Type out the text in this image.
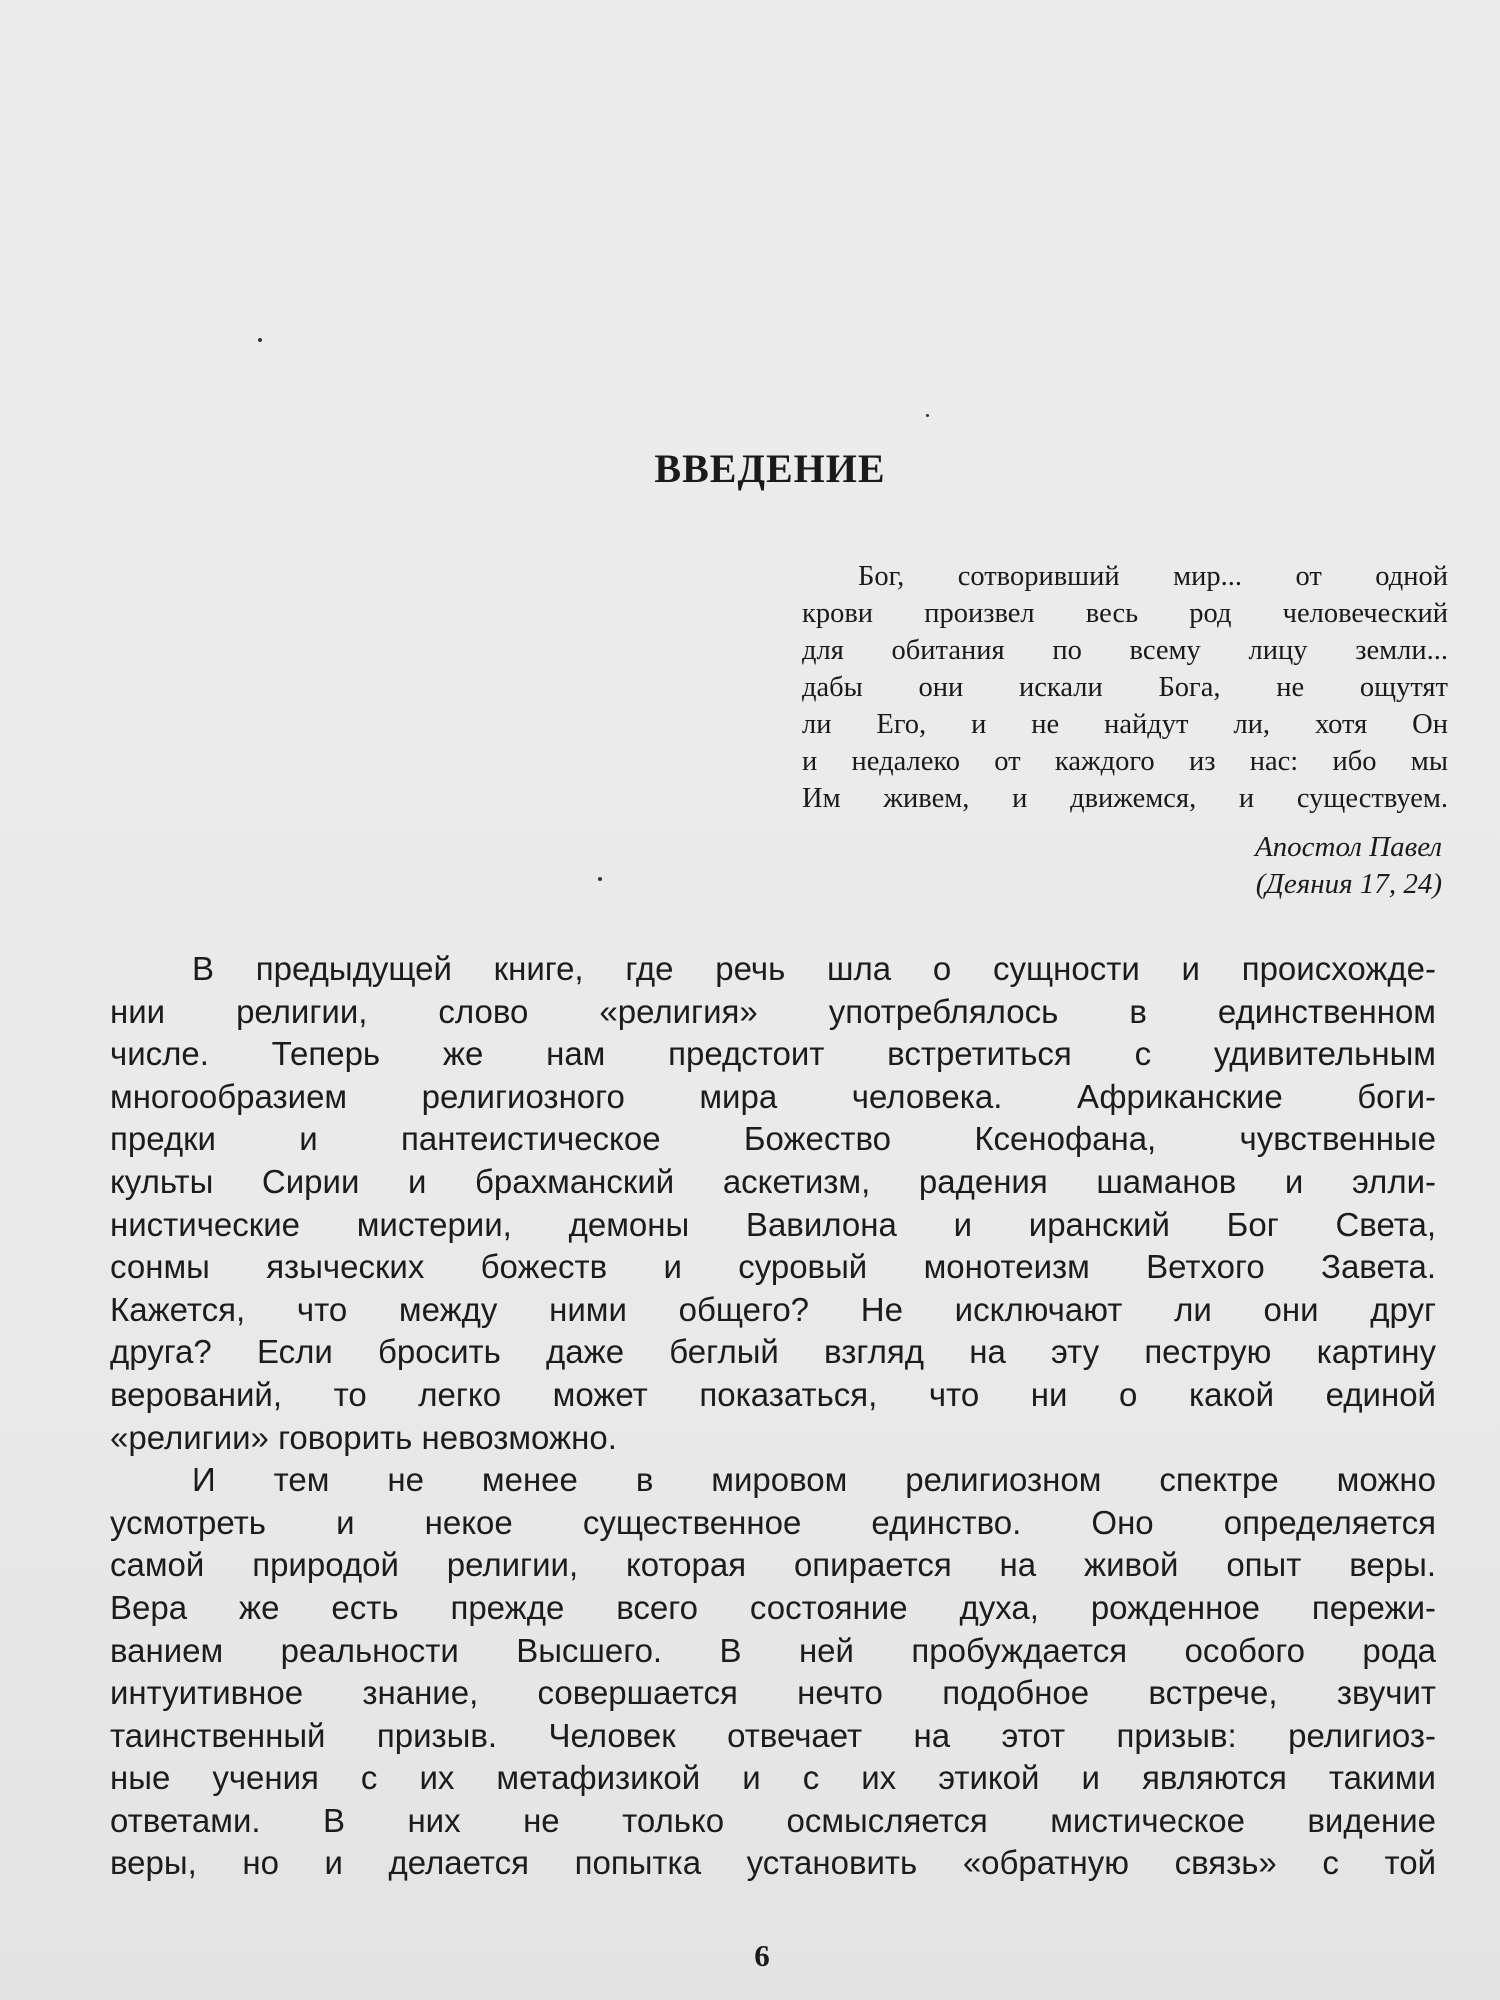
ВВЕДЕНИЕ
Бог, сотворивший мир... от одной
крови произвел весь род человеческий
для обитания по всему лицу земли...
дабы они искали Бога, не ощутят
ли Его, и не найдут ли, хотя Он
и недалеко от каждого из нас: ибо мы
Им живем, и движемся, и существуем.
Апостол Павел
(Деяния 17, 24)
В предыдущей книге, где речь шла о сущности и происхожде-
нии религии, слово «религия» употреблялось в единственном
числе. Теперь же нам предстоит встретиться с удивительным
многообразием религиозного мира человека. Африканские боги-
предки и пантеистическое Божество Ксенофана, чувственные
культы Сирии и брахманский аскетизм, радения шаманов и элли-
нистические мистерии, демоны Вавилона и иранский Бог Света,
сонмы языческих божеств и суровый монотеизм Ветхого Завета.
Кажется, что между ними общего? Не исключают ли они друг
друга? Если бросить даже беглый взгляд на эту пеструю картину
верований, то легко может показаться, что ни о какой единой
«религии» говорить невозможно.
И тем не менее в мировом религиозном спектре можно
усмотреть и некое существенное единство. Оно определяется
самой природой религии, которая опирается на живой опыт веры.
Вера же есть прежде всего состояние духа, рожденное пережи-
ванием реальности Высшего. В ней пробуждается особого рода
интуитивное знание, совершается нечто подобное встрече, звучит
таинственный призыв. Человек отвечает на этот призыв: религиоз-
ные учения с их метафизикой и с их этикой и являются такими
ответами. В них не только осмысляется мистическое видение
веры, но и делается попытка установить «обратную связь» с той
6
